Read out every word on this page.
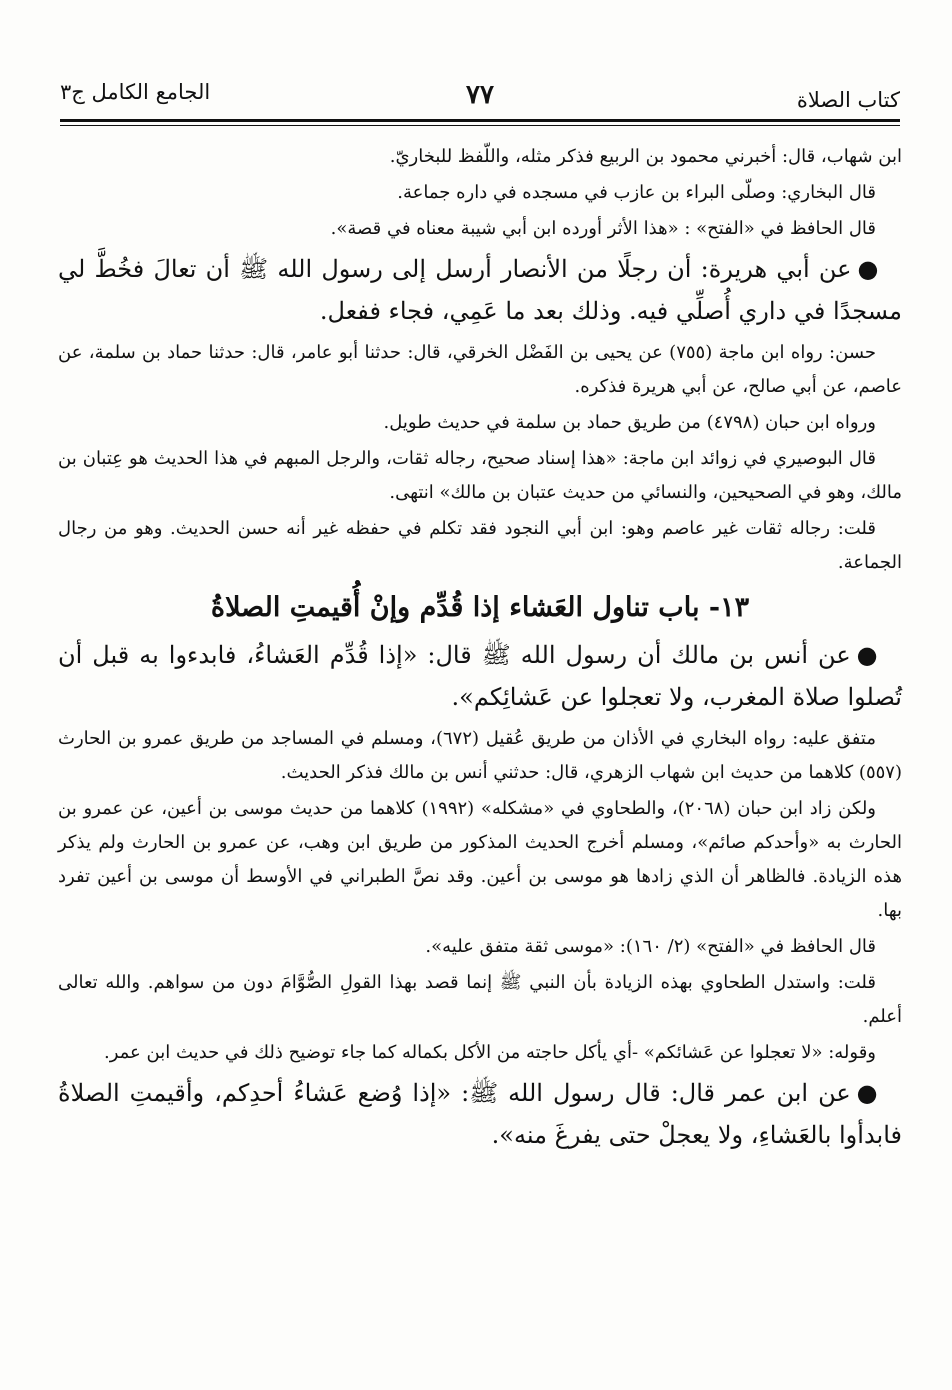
كتاب الصلاة
٧٧
الجامع الكامل ج٣

ابن شهاب، قال: أخبرني محمود بن الربيع فذكر مثله، واللّفظ للبخاريّ.

قال البخاري: وصلّى البراء بن عازب في مسجده في داره جماعة.

قال الحافظ في «الفتح» : «هذا الأثر أورده ابن أبي شيبة معناه في قصة».

●عن أبي هريرة: أن رجلًا من الأنصار أرسل إلى رسول الله ﷺ أن تعالَ فخُطَّ لي مسجدًا في داري أُصلِّي فيه. وذلك بعد ما عَمِي، فجاء ففعل.

حسن: رواه ابن ماجة (٧٥٥) عن يحيى بن الفَضْل الخرقي، قال: حدثنا أبو عامر، قال: حدثنا حماد بن سلمة، عن عاصم، عن أبي صالح، عن أبي هريرة فذكره.

ورواه ابن حبان (٤٧٩٨) من طريق حماد بن سلمة في حديث طويل.

قال البوصيري في زوائد ابن ماجة: «هذا إسناد صحيح، رجاله ثقات، والرجل المبهم في هذا الحديث هو عِتبان بن مالك، وهو في الصحيحين، والنسائي من حديث عتبان بن مالك» انتهى.

قلت: رجاله ثقات غير عاصم وهو: ابن أبي النجود فقد تكلم في حفظه غير أنه حسن الحديث. وهو من رجال الجماعة.

١٣- باب تناول العَشاء إذا قُدِّم وإنْ أُقيمتِ الصلاةُ

●عن أنس بن مالك أن رسول الله ﷺ قال: «إذا قُدِّم العَشاءُ، فابدءوا به قبل أن تُصلوا صلاة المغرب، ولا تعجلوا عن عَشائِكم».

متفق عليه: رواه البخاري في الأذان من طريق عُقيل (٦٧٢)، ومسلم في المساجد من طريق عمرو بن الحارث (٥٥٧) كلاهما من حديث ابن شهاب الزهري، قال: حدثني أنس بن مالك فذكر الحديث.

ولكن زاد ابن حبان (٢٠٦٨)، والطحاوي في «مشكله» (١٩٩٢) كلاهما من حديث موسى بن أعين، عن عمرو بن الحارث به «وأحدكم صائم»، ومسلم أخرج الحديث المذكور من طريق ابن وهب، عن عمرو بن الحارث ولم يذكر هذه الزيادة. فالظاهر أن الذي زادها هو موسى بن أعين. وقد نصَّ الطبراني في الأوسط أن موسى بن أعين تفرد بها.

قال الحافظ في «الفتح» (٢/ ١٦٠): «موسى ثقة متفق عليه».

قلت: واستدل الطحاوي بهذه الزيادة بأن النبي ﷺ إنما قصد بهذا القولِ الصُّوَّامَ دون من سواهم. والله تعالى أعلم.

وقوله: «لا تعجلوا عن عَشائكم» -أي يأكل حاجته من الأكل بكماله كما جاء توضيح ذلك في حديث ابن عمر.

●عن ابن عمر قال: قال رسول الله ﷺ: «إذا وُضع عَشاءُ أحدِكم، وأقيمتِ الصلاةُ فابدأوا بالعَشاءِ، ولا يعجلْ حتى يفرغَ منه».
